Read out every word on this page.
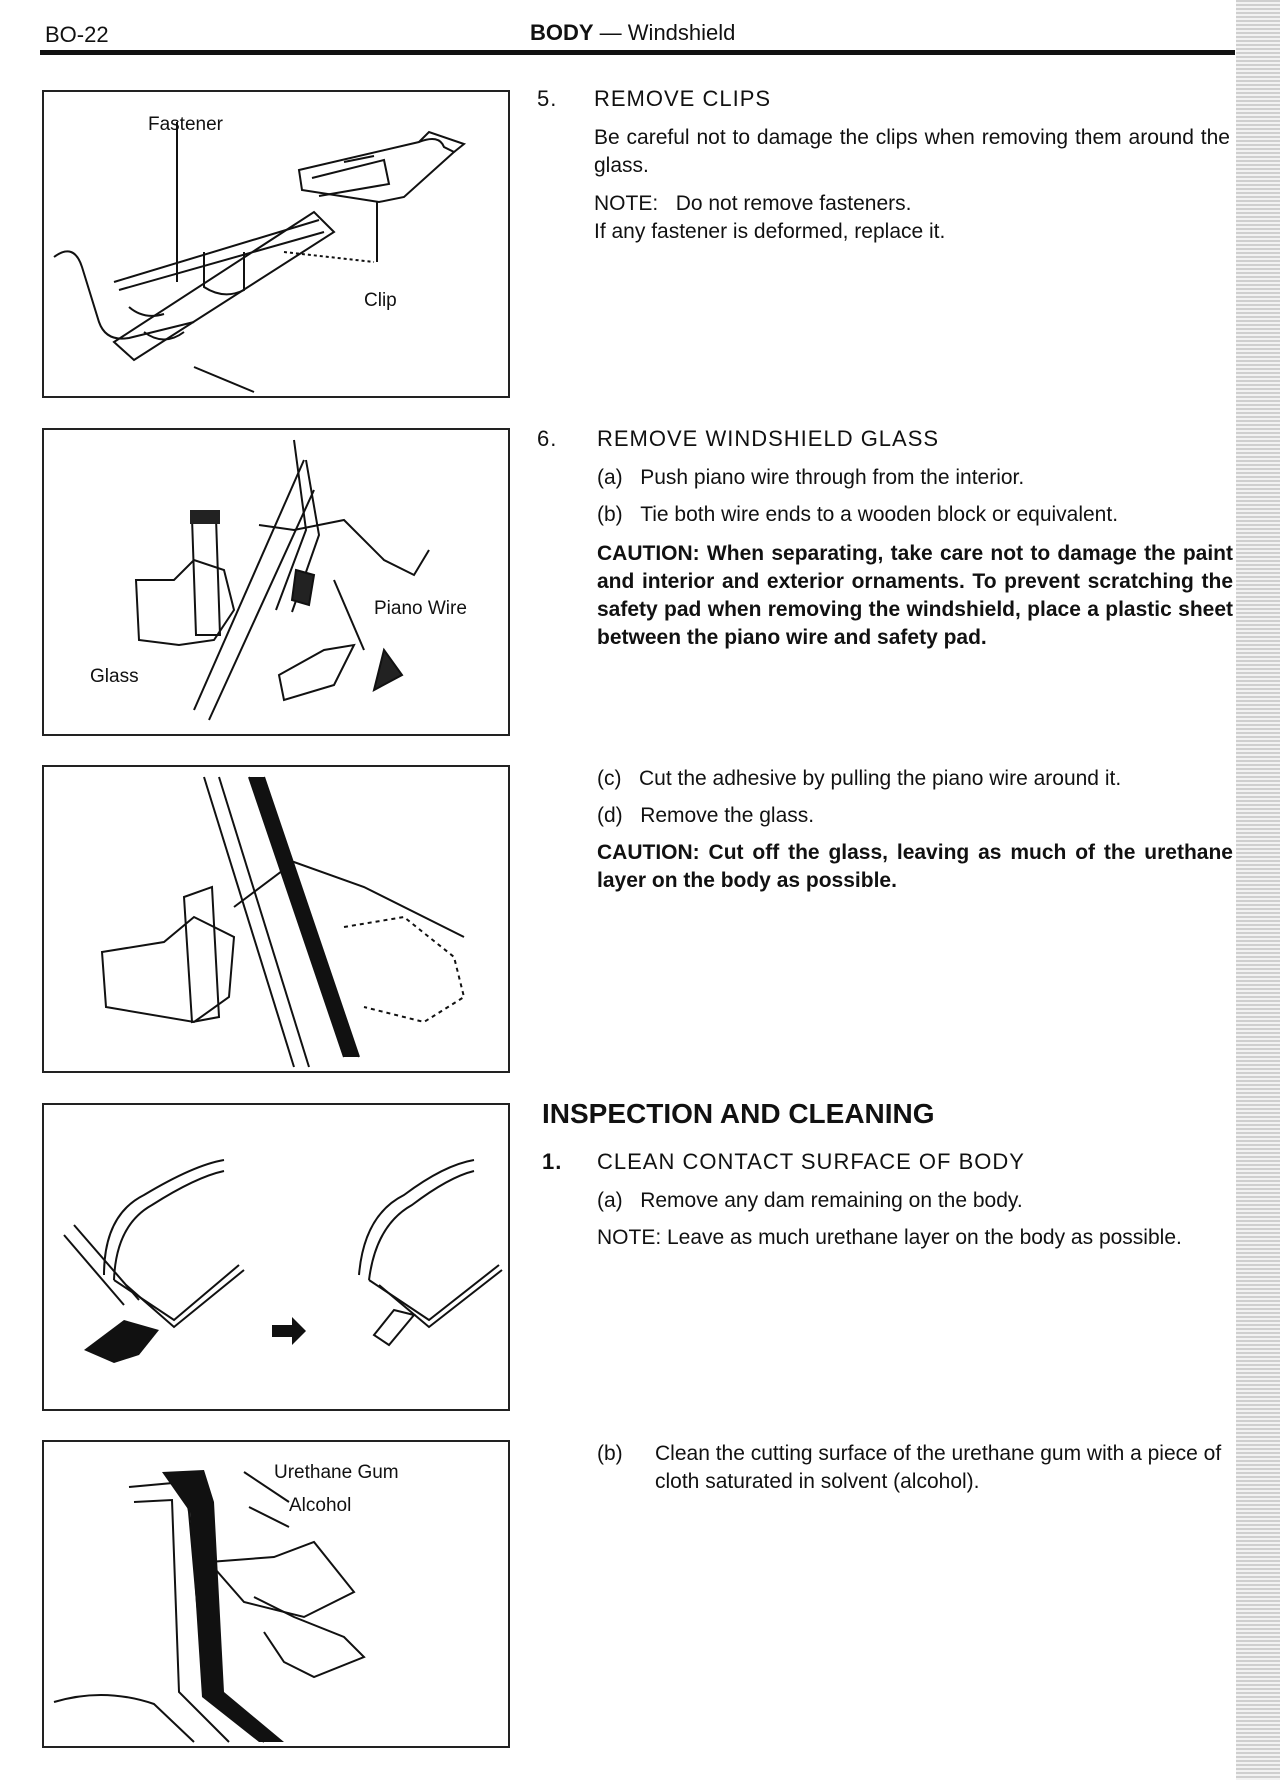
BO-22	BODY — Windshield
Fastener
Clip
Piano Wire
Glass
Urethane Gum
Alcohol
5. REMOVE CLIPS
Be careful not to damage the clips when removing them around the glass.
NOTE: Do not remove fasteners.
If any fastener is deformed, replace it.
6. REMOVE WINDSHIELD GLASS
(a) Push piano wire through from the interior.
(b) Tie both wire ends to a wooden block or equivalent.
CAUTION: When separating, take care not to damage the paint and interior and exterior ornaments. To prevent scratching the safety pad when removing the windshield, place a plastic sheet between the piano wire and safety pad.
(c) Cut the adhesive by pulling the piano wire around it.
(d) Remove the glass.
CAUTION: Cut off the glass, leaving as much of the urethane layer on the body as possible.
INSPECTION AND CLEANING
1. CLEAN CONTACT SURFACE OF BODY
(a) Remove any dam remaining on the body.
NOTE: Leave as much urethane layer on the body as possible.
(b) Clean the cutting surface of the urethane gum with a piece of cloth saturated in solvent (alcohol).
